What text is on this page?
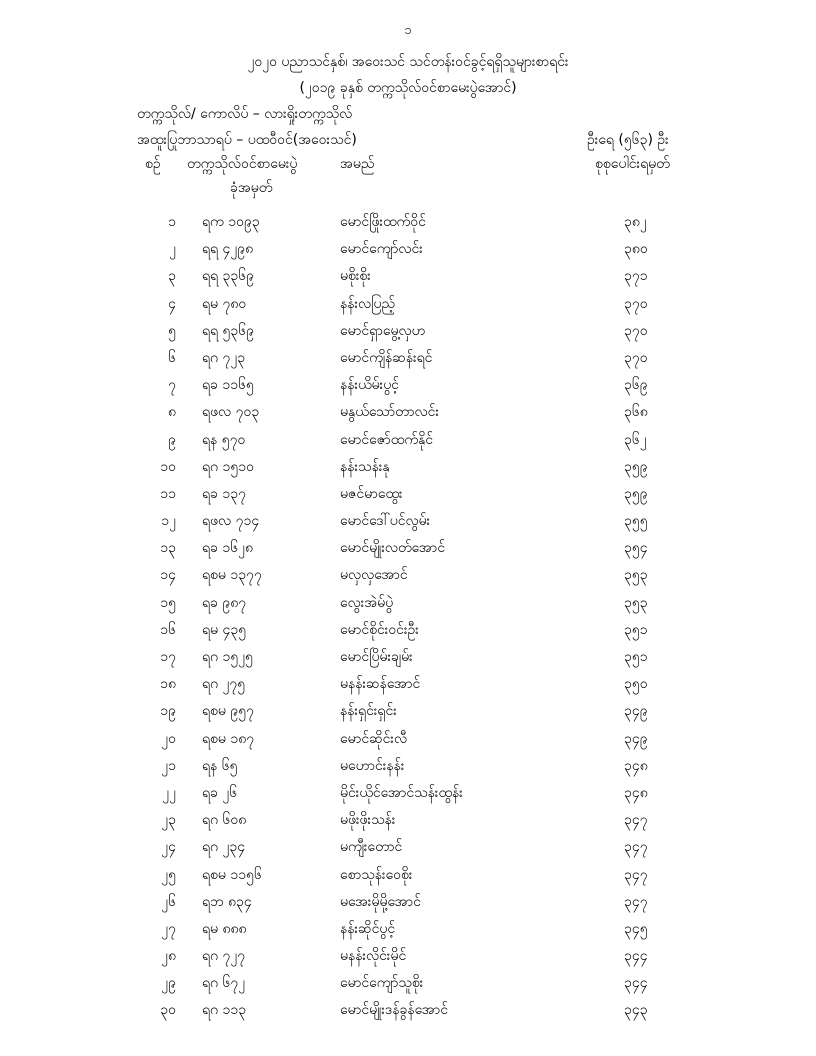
၁
၂၀၂၀ ပညာသင်နှစ်၊ အဝေးသင် သင်တန်းဝင်ခွင့်ရရှိသူများစာရင်း
(၂၀၁၉ ခုနှစ် တက္ကသိုလ်ဝင်စာမေးပွဲအောင်)
တက္ကသိုလ်/ ကောလိပ် – လားရှိုးတက္ကသိုလ်
အထူးပြုဘာသာရပ် – ပထဝီဝင်(အဝေးသင်)	ဦးရေ (၅၆၃) ဦး
စဉ် တက္ကသိုလ်ဝင်စာမေးပွဲ
ခုံအမှတ်
အမည်	စုစုပေါင်းရမှတ်
၁ ရက ၁၀၉၃	မောင်ဖြိုးထက်ဝိုင်	၃၈၂
၂ ရရ ၄၂၉၈	မောင်ကျော်လင်း	၃၈၀
၃ ရရ ၃၃၆၉	မစိုးစိုး	၃၇၁
၄ ရမ ၇၈၀	နန်းလပြည့်	၃၇၀
၅ ရရ ၅၃၆၉	မောင်ရှာမွေ့လှဟ	၃၇၀
၆ ရဂ ၇၂၃	မောင်ကျိန်ဆန်းရင်	၃၇၀
၇ ရခ ၁၁၆၅	နန်းယိမ်းပွင့်	၃၆၉
၈ ရဖလ ၇၀၃	မနွယ်သော်တာလင်း	၃၆၈
၉ ရန ၅၇၀	မောင်ဇော်ထက်နိုင်	၃၆၂
၁၀ ရဂ ၁၅၁၀	နန်းသန်းနု	၃၅၉
၁၁ ရခ ၁၃၇	မဇင်မာထွေး	၃၅၉
၁၂ ရဖလ ၇၁၄	မောင်ဒေါ်ပင်လွမ်း	၃၅၅
၁၃ ရခ ၁၆၂၈	မောင်မျိုးလတ်အောင်	၃၅၄
၁၄ ရစမ ၁၃၇၇	မလှလှအောင်	၃၅၃
၁၅ ရခ ၉၈၇	လွေးအဲမ်ပွဲ	၃၅၃
၁၆ ရမ ၄၃၅	မောင်စိုင်းဝင်းဦး	၃၅၁
၁၇ ရဂ ၁၅၂၅	မောင်ပြိမ်းချမ်း	၃၅၁
၁၈ ရဂ ၂၇၅	မနန်းဆန်အောင်	၃၅၀
၁၉ ရစမ ၉၅၇	နန်းရှင်းရှင်း	၃၄၉
၂၀ ရစမ ၁၈၇	မောင်ဆိုင်းလီ	၃၄၉
၂၁ ရန ၆၅	မဟောင်းနန်း	၃၄၈
၂၂ ရခ ၂၆	မိုင်းယိုင်အောင်သန်းထွန်း	၃၄၈
၂၃ ရဂ ၆၀၈	မဖိုးဖိုးသန်း	၃၄၇
၂၄ ရဂ ၂၃၄	မကျီးတောင်	၃၄၇
၂၅ ရစမ ၁၁၅၆	စောသုန်းဝေစိုး	၃၄၇
၂၆ ရဘ ၈၃၄	မအေးမိုမို့အောင်	၃၄၇
၂၇ ရမ ၈၈၈	နန်းဆိုင်ပွင့်	၃၄၅
၂၈ ရဂ ၇၂၇	မနန်းလိုင်းမိုင်	၃၄၄
၂၉ ရဂ ၆၇၂	မောင်ကျော်သူစိုး	၃၄၄
၃၀ ရဂ ၁၁၃	မောင်မျိုးဒန်ခွန်အောင်	၃၄၃
